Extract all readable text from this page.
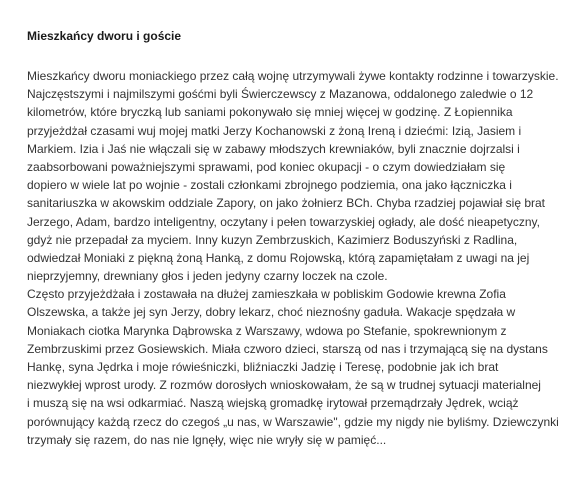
Mieszkańcy dworu i goście
Mieszkańcy dworu moniackiego przez całą wojnę utrzymywali żywe kontakty rodzinne i towarzyskie.
Najczęstszymi i najmilszymi gośćmi byli Świerczewscy z Mazanowa, oddalonego zaledwie o 12
kilometrów, które bryczką lub saniami pokonywało się mniej więcej w godzinę. Z Łopiennika
przyjeżdżał czasami wuj mojej matki Jerzy Kochanowski z żoną Ireną i dziećmi: Izią, Jasiem i
Markiem. Izia i Jaś nie włączali się w zabawy młodszych krewniaków, byli znacznie dojrzalsi i
zaabsorbowani poważniejszymi sprawami, pod koniec okupacji - o czym dowiedziałam się
dopiero w wiele lat po wojnie - zostali członkami zbrojnego podziemia, ona jako łączniczka i
sanitariuszka w akowskim oddziale Zapory, on jako żołnierz BCh. Chyba rzadziej pojawiał się brat
Jerzego, Adam, bardzo inteligentny, oczytany i pełen towarzyskiej ogłady, ale dość nieapetyczny,
gdyż nie przepadał za myciem. Inny kuzyn Zembrzuskich, Kazimierz Boduszyński z Radlina,
odwiedzał Moniaki z piękną żoną Hanką, z domu Rojowską, którą zapamiętałam z uwagi na jej
nieprzyjemny, drewniany głos i jeden jedyny czarny loczek na czole.
Często przyjeżdżała i zostawała na dłużej zamieszkała w pobliskim Godowie krewna Zofia
Olszewska, a także jej syn Jerzy, dobry lekarz, choć nieznośny gaduła. Wakacje spędzała w
Moniakach ciotka Marynka Dąbrowska z Warszawy, wdowa po Stefanie, spokrewnionym z
Zembrzuskimi przez Gosiewskich. Miała czworo dzieci, starszą od nas i trzymającą się na dystans
Hankę, syna Jędrka i moje rówieśniczki, bliźniaczki Jadzię i Teresę, podobnie jak ich brat
niezwykłej wprost urody. Z rozmów dorosłych wnioskowałam, że są w trudnej sytuacji materialnej
i muszą się na wsi odkarmiać. Naszą wiejską gromadkę irytował przemądrzały Jędrek, wciąż
porównujący każdą rzecz do czegoś „u nas, w Warszawie", gdzie my nigdy nie byliśmy. Dziewczynki
trzymały się razem, do nas nie lgnęły, więc nie wryły się w pamięć...
